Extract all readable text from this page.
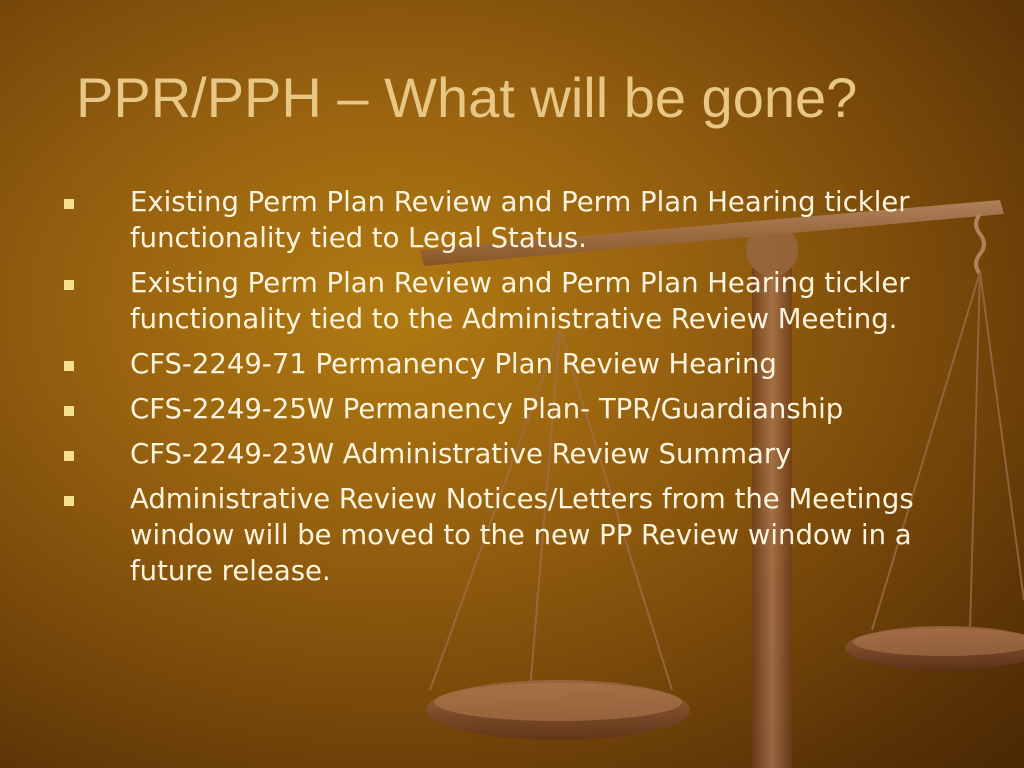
PPR/PPH – What will be gone?
Existing Perm Plan Review and Perm Plan Hearing tickler functionality tied to Legal Status.
Existing Perm Plan Review and Perm Plan Hearing tickler functionality tied to the Administrative Review Meeting.
CFS-2249-71 Permanency Plan Review Hearing
CFS-2249-25W Permanency Plan- TPR/Guardianship
CFS-2249-23W Administrative Review Summary
Administrative Review Notices/Letters from the Meetings window will be moved to the new PP Review window in a future release.
